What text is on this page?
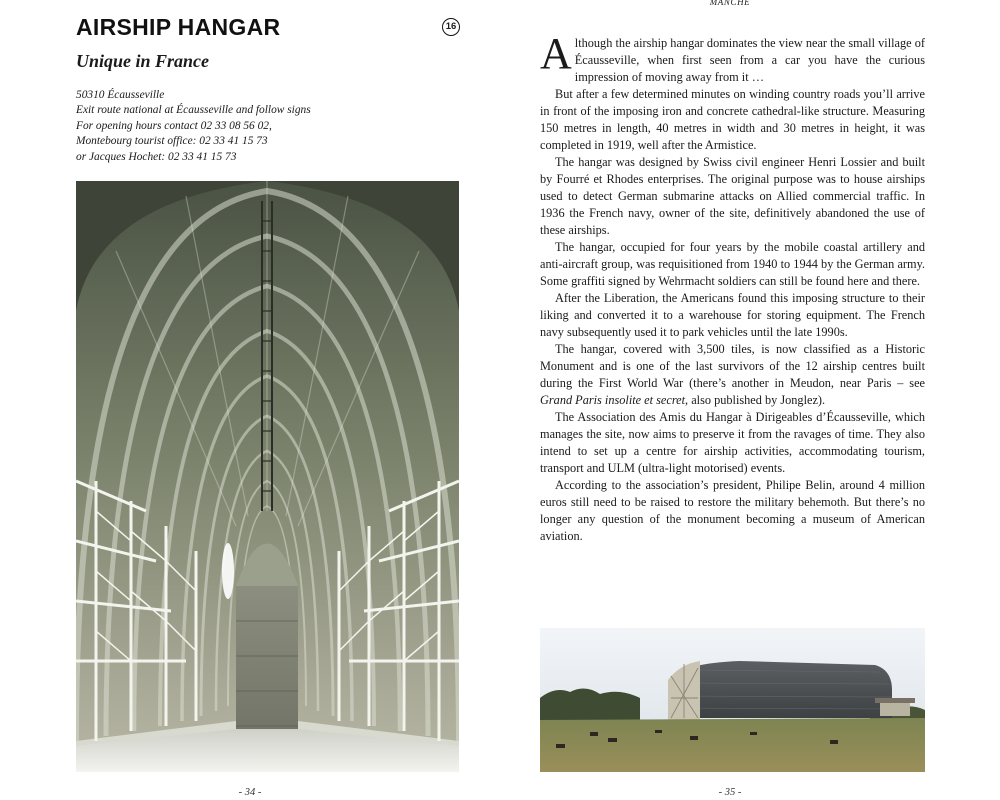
AIRSHIP HANGAR	16
Unique in France
50310 Écausseville
Exit route national at Écausseville and follow signs
For opening hours contact 02 33 08 56 02,
Montebourg tourist office: 02 33 41 15 73
or Jacques Hochet: 02 33 41 15 73
- 34 -
MANCHE

Although the airship hangar dominates the view near the small village of Écausseville, when first seen from a car you have the curious impression of moving away from it …

But after a few determined minutes on winding country roads you’ll arrive in front of the imposing iron and concrete cathedral-like structure. Measuring 150 metres in length, 40 metres in width and 30 metres in height, it was completed in 1919, well after the Armistice.

The hangar was designed by Swiss civil engineer Henri Lossier and built by Fourré et Rhodes enterprises. The original purpose was to house airships used to detect German submarine attacks on Allied commercial traffic. In 1936 the French navy, owner of the site, definitively abandoned the use of these airships.

The hangar, occupied for four years by the mobile coastal artillery and anti-aircraft group, was requisitioned from 1940 to 1944 by the German army. Some graffiti signed by Wehrmacht soldiers can still be found here and there.

After the Liberation, the Americans found this imposing structure to their liking and converted it to a warehouse for storing equipment. The French navy subsequently used it to park vehicles until the late 1990s.

The hangar, covered with 3,500 tiles, is now classified as a Historic Monument and is one of the last survivors of the 12 airship centres built during the First World War (there’s another in Meudon, near Paris – see Grand Paris insolite et secret, also published by Jonglez).

The Association des Amis du Hangar à Dirigeables d’Écausseville, which manages the site, now aims to preserve it from the ravages of time. They also intend to set up a centre for airship activities, accommodating tourism, transport and ULM (ultra-light motorised) events.

According to the association’s president, Philipe Belin, around 4 million euros still need to be raised to restore the military behemoth. But there’s no longer any question of the monument becoming a museum of American aviation.

- 35 -
